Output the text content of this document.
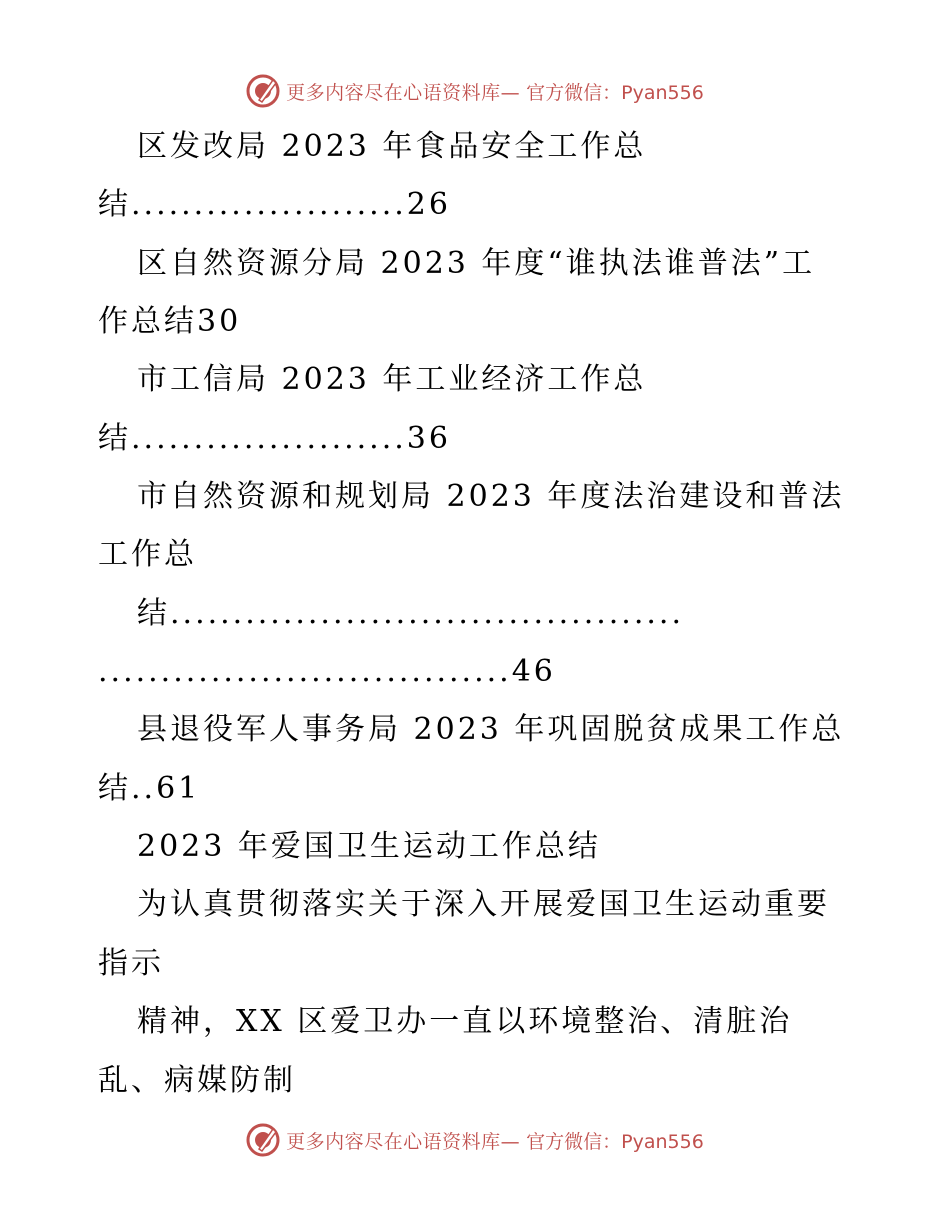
更多内容尽在心语资料库— 官方微信：Pyan556
区发改局 2023 年食品安全工作总
结......................26
区自然资源分局 2023 年度“谁执法谁普法”工
作总结30
市工信局 2023 年工业经济工作总
结......................36
市自然资源和规划局 2023 年度法治建设和普法
工作总
结.........................................
.................................46
县退役军人事务局 2023 年巩固脱贫成果工作总
结..61
2023 年爱国卫生运动工作总结
为认真贯彻落实关于深入开展爱国卫生运动重要
指示
精神，XX 区爱卫办一直以环境整治、清脏治
乱、病媒防制
更多内容尽在心语资料库— 官方微信：Pyan556
